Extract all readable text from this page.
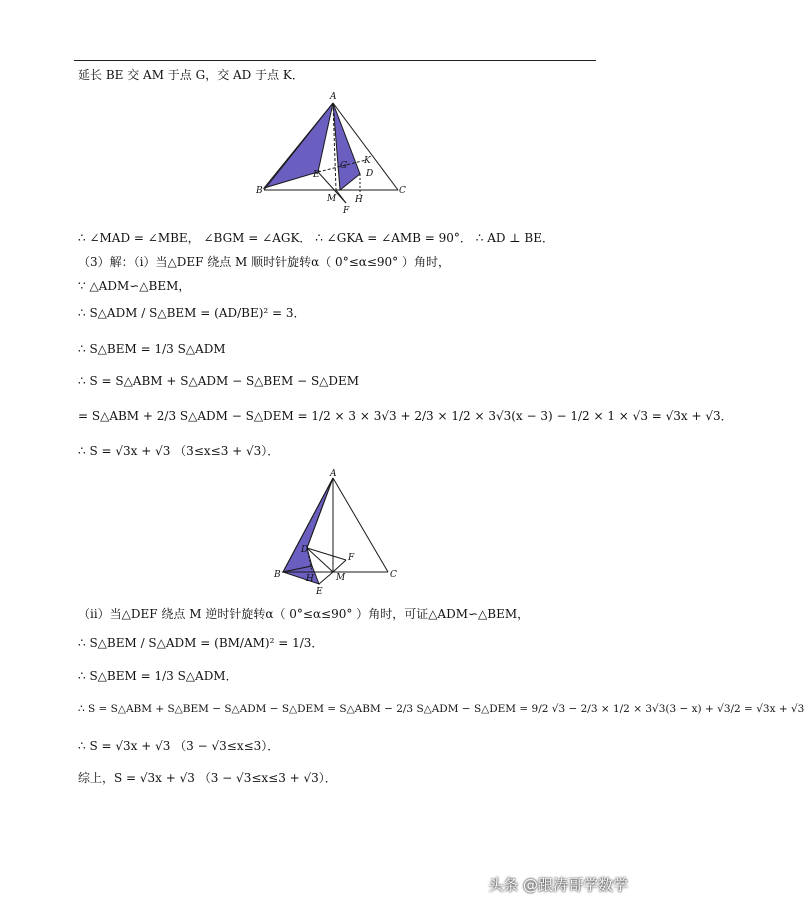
延长 BE 交 AM 于点 G，交 AD 于点 K．
A
B	C
D
E
G K
M H
F
A
B	C
D
E
F
H M
∴ ∠MAD = ∠MBE， ∠BGM = ∠AGK． ∴ ∠GKA = ∠AMB = 90°． ∴ AD ⊥ BE．
（3）解：（ⅰ）当△DEF 绕点 M 顺时针旋转α（ 0°≤α≤90° ）角时，
∵ △ADM∽△BEM，
∴ S△ADM / S△BEM = (AD/BE)² = 3．
∴ S△BEM = 1/3 S△ADM
∴ S = S△ABM + S△ADM − S△BEM − S△DEM
= S△ABM + 2/3 S△ADM − S△DEM = 1/2 × 3 × 3√3 + 2/3 × 1/2 × 3√3(x − 3) − 1/2 × 1 × √3 = √3x + √3．
∴ S = √3x + √3 （3≤x≤3 + √3）．
（ⅱ）当△DEF 绕点 M 逆时针旋转α（ 0°≤α≤90° ）角时，可证△ADM∽△BEM，
∴ S△BEM / S△ADM = (BM/AM)² = 1/3．
∴ S△BEM = 1/3 S△ADM．
∴ S = S△ABM + S△BEM − S△ADM − S△DEM = S△ABM − 2/3 S△ADM − S△DEM = 9/2 √3 − 2/3 × 1/2 × 3√3(3 − x) + √3/2 = √3x + √3
∴ S = √3x + √3 （3 − √3≤x≤3）．
综上，S = √3x + √3 （3 − √3≤x≤3 + √3）．
头条 @跟涛哥学数学
